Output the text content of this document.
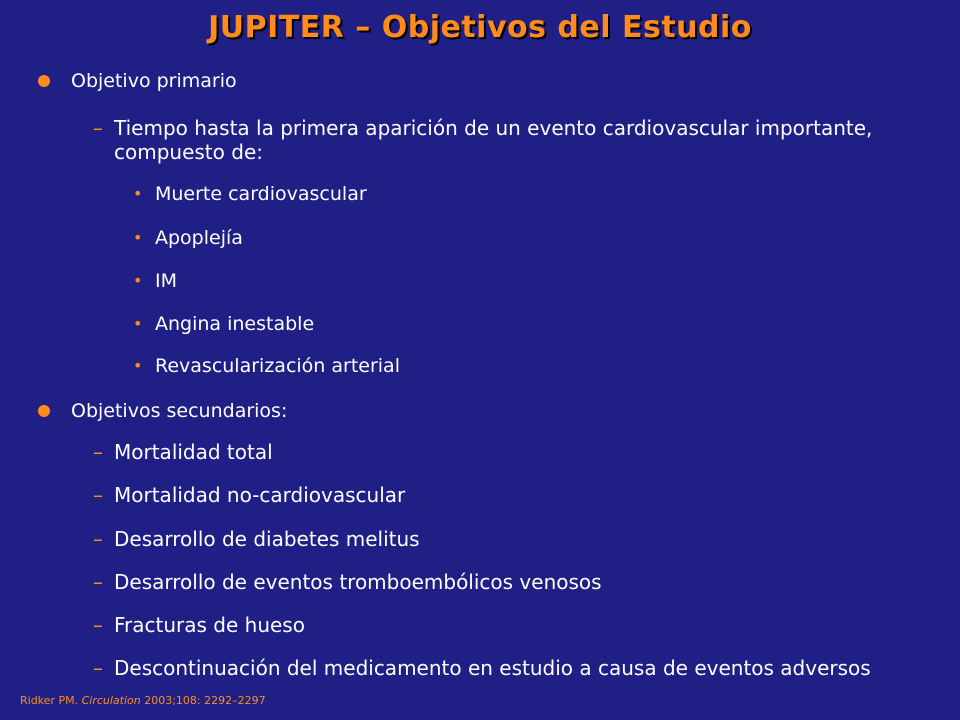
JUPITER – Objetivos del Estudio
Objetivo primario
– Tiempo hasta la primera aparición de un evento cardiovascular importante, compuesto de:
• Muerte cardiovascular
• Apoplejía
• IM
• Angina inestable
• Revascularización arterial
Objetivos secundarios:
– Mortalidad total
– Mortalidad no-cardiovascular
– Desarrollo de diabetes melitus
– Desarrollo de eventos tromboembólicos venosos
– Fracturas de hueso
– Descontinuación del medicamento en estudio a causa de eventos adversos
Ridker PM. Circulation 2003;108: 2292–2297
